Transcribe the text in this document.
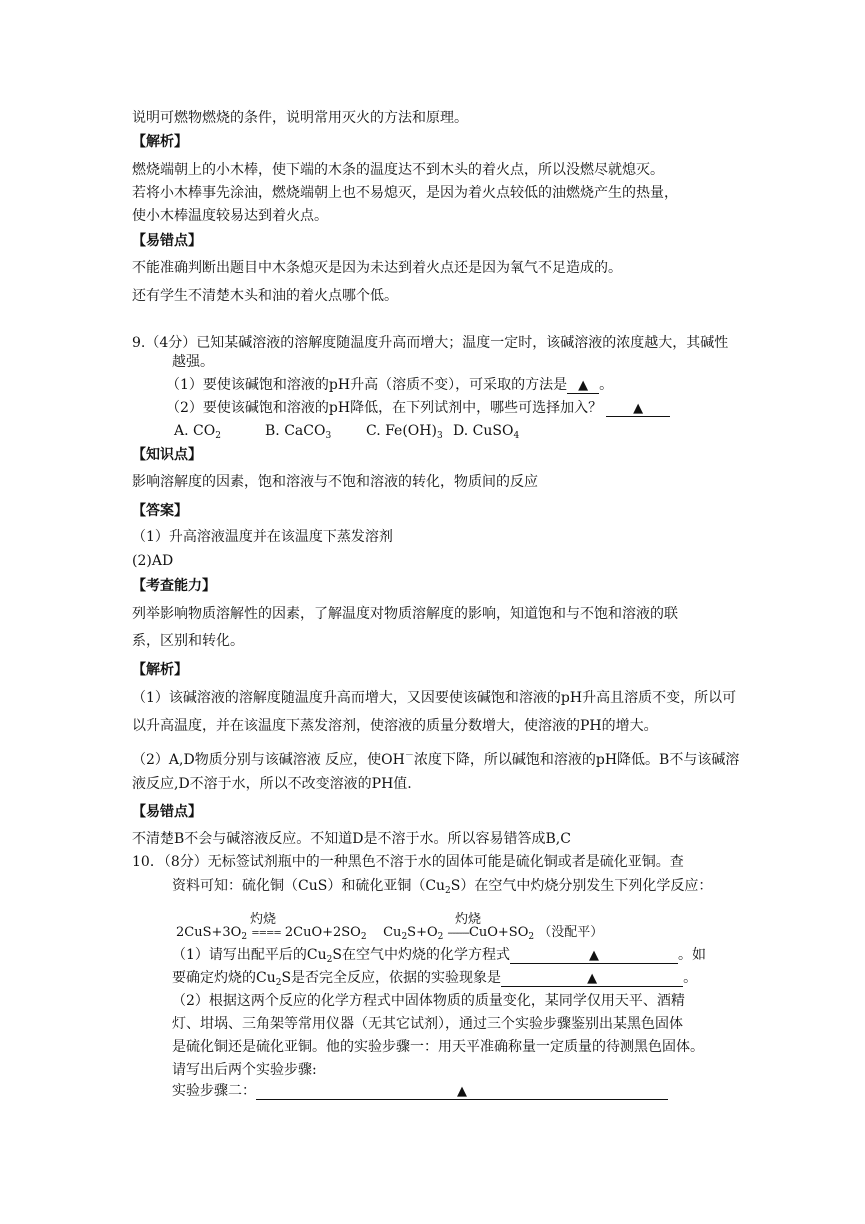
说明可燃物燃烧的条件，说明常用灭火的方法和原理。
【解析】
燃烧端朝上的小木棒，使下端的木条的温度达不到木头的着火点，所以没燃尽就熄灭。
若将小木棒事先涂油，燃烧端朝上也不易熄灭，是因为着火点较低的油燃烧产生的热量，
使小木棒温度较易达到着火点。
【易错点】
不能准确判断出题目中木条熄灭是因为未达到着火点还是因为氧气不足造成的。
还有学生不清楚木头和油的着火点哪个低。
9.（4分）已知某碱溶液的溶解度随温度升高而增大；温度一定时，该碱溶液的浓度越大，其碱性
越强。
（1）要使该碱饱和溶液的pH升高（溶质不变），可采取的方法是 ▲ 。
（2）要使该碱饱和溶液的pH降低，在下列试剂中，哪些可选择加入？ ▲
A. $CO_2$	B. CaCO$_3$ C. $Fe(OH)_3$ D. CuSO$_4$
【知识点】
影响溶解度的因素，饱和溶液与不饱和溶液的转化，物质间的反应
【答案】
（1）升高溶液温度并在该温度下蒸发溶剂
(2)AD
【考查能力】
列举影响物质溶解性的因素，了解温度对物质溶解度的影响，知道饱和与不饱和溶液的联
系，区别和转化。
【解析】
（1）该碱溶液的溶解度随温度升高而增大，又因要使该碱饱和溶液的pH升高且溶质不变，所以可
以升高温度，并在该温度下蒸发溶剂，使溶液的质量分数增大，使溶液的PH的增大。
（2）A,D物质分别与该碱溶液 反应，使OH－浓度下降，所以碱饱和溶液的pH降低。B不与该碱溶
液反应,D不溶于水，所以不改变溶液的PH值.
【易错点】
不清楚B不会与碱溶液反应。不知道D是不溶于水。所以容易错答成B,C
10．（8分）无标签试剂瓶中的一种黑色不溶于水的固体可能是硫化铜或者是硫化亚铜。查
资料可知：硫化铜（CuS）和硫化亚铜$(Cu_2S)$在空气中灼烧分别发生下列化学反应：
灼烧	灼烧
$2CuS+3O_2$ ==== $2CuO+2SO_2$ $Cu_2S+O_2$ $---------CuO+SO_2$ （没配平）
（1）请写出配平后的$Cu_2S$在空气中灼烧的化学方程式	▲	。如
要确定灼烧的$Cu_2S$是否完全反应，依据的实验现象是	▲	。
（2）根据这两个反应的化学方程式中固体物质的质量变化，某同学仅用天平、酒精
灯、坩埚、三角架等常用仪器（无其它试剂），通过三个实验步骤鉴别出某黑色固体
是硫化铜还是硫化亚铜。他的实验步骤一：用天平准确称量一定质量的待测黑色固体。
请写出后两个实验步骤:
实验步骤二：	▲
